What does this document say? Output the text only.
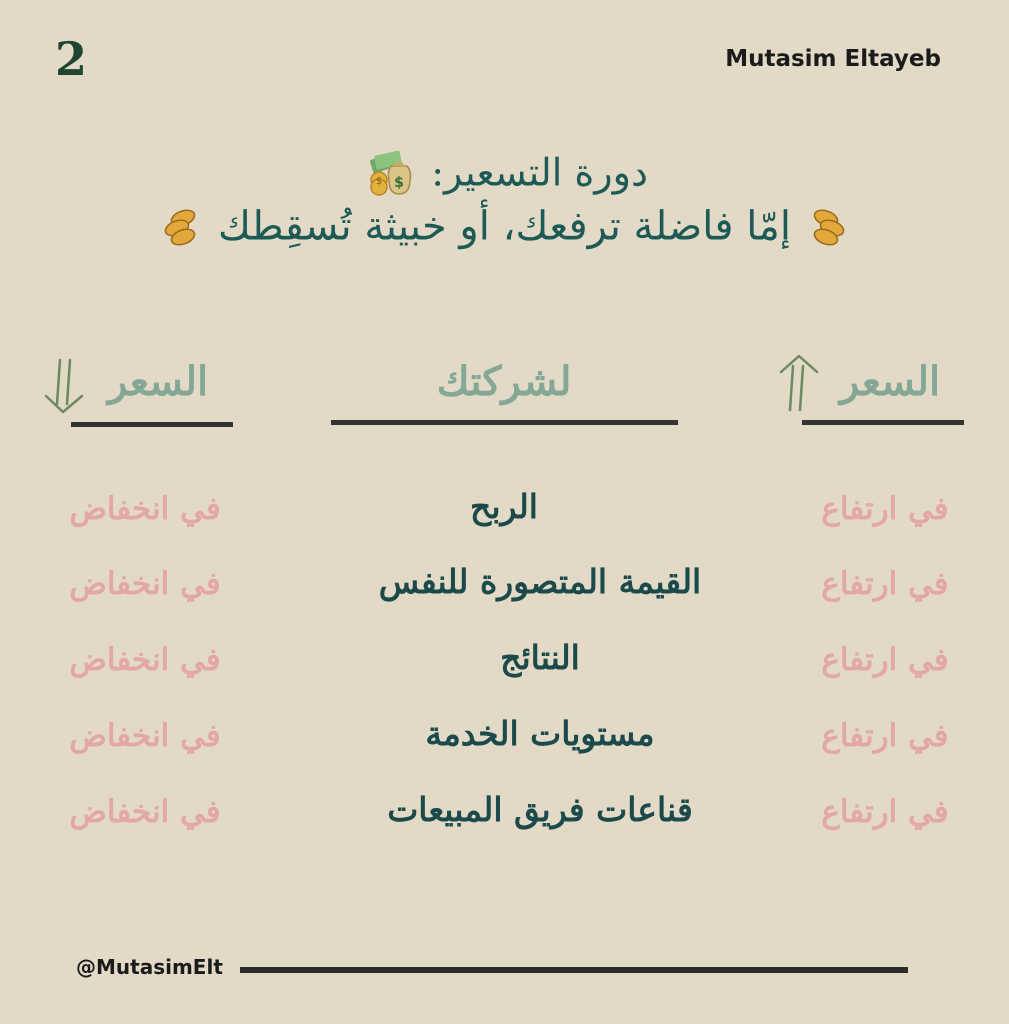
2	Mutasim Eltayeb
دورة التسعير:
$ $
إمّا فاضلة ترفعك، أو خبيثة تُسقِطك
السعر
لشركتك
السعر
في ارتفاع
الربح
في انخفاض
في ارتفاع
القيمة المتصورة للنفس
في انخفاض
في ارتفاع
النتائج
في انخفاض
في ارتفاع
مستويات الخدمة
في انخفاض
في ارتفاع
قناعات فريق المبيعات
في انخفاض
@MutasimElt
